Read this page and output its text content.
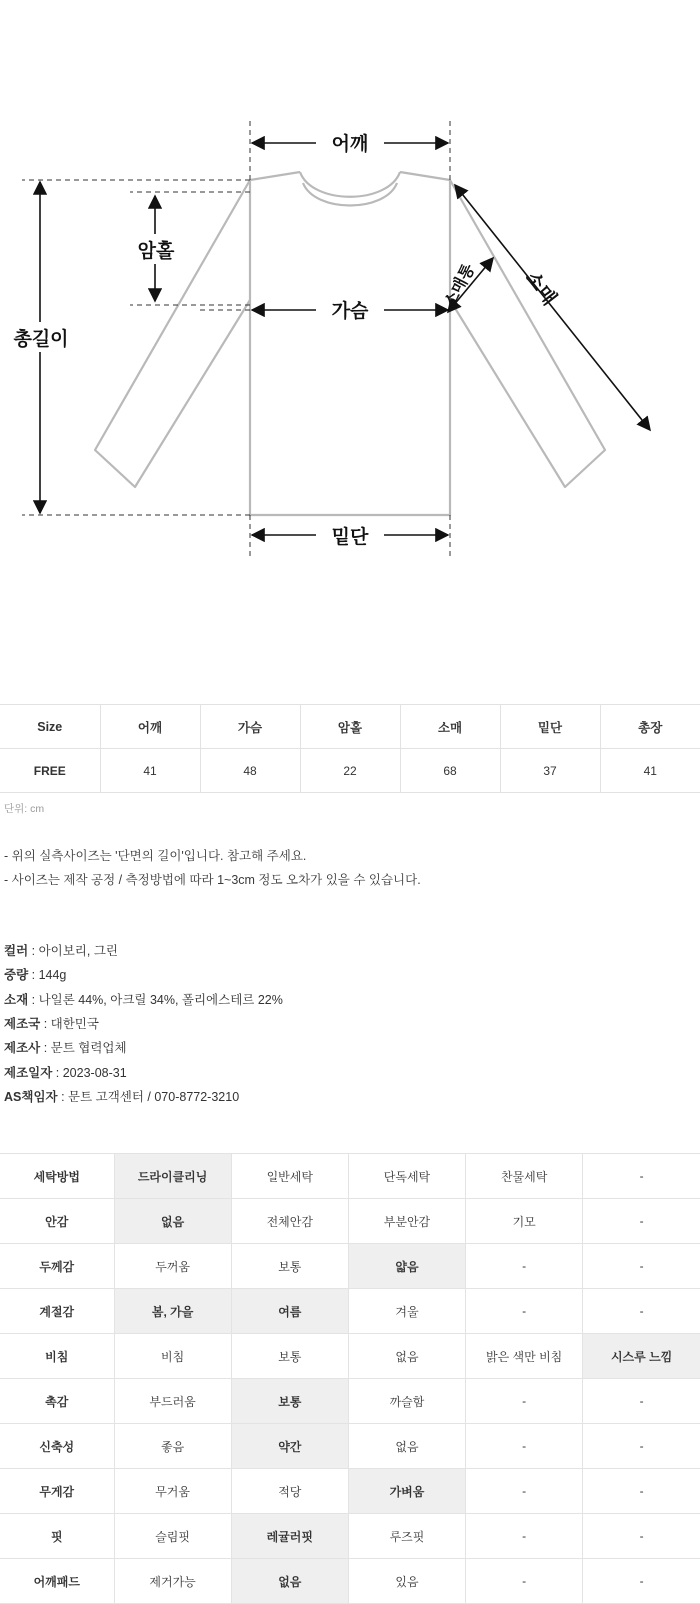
어깨
총길이
암홀
가슴
밑단
소매
소매통
Size	어깨	가슴	암홀	소매	밑단	총장
FREE	41	48	22	68	37	41
단위: cm
- 위의 실측사이즈는 '단면의 길이'입니다. 참고해 주세요.
- 사이즈는 제작 공정 / 측정방법에 따라 1~3cm 정도 오차가 있을 수 있습니다.
컬러 : 아이보리, 그린
중량 : 144g
소재 : 나일론 44%, 아크릴 34%, 폴리에스테르 22%
제조국 : 대한민국
제조사 : 문트 협력업체
제조일자 : 2023-08-31
AS책임자 : 문트 고객센터 / 070-8772-3210
세탁방법	드라이클리닝	일반세탁	단독세탁	찬물세탁	-
안감	없음	전체안감	부분안감	기모	-
두께감	두꺼움	보통	얇음	-	-
계절감	봄, 가을	여름	겨울	-	-
비침	비침	보통	없음	밝은 색만 비침	시스루 느낌
촉감	부드러움	보통	까슬함	-	-
신축성	좋음	약간	없음	-	-
무게감	무거움	적당	가벼움	-	-
핏	슬림핏	레귤러핏	루즈핏	-	-
어깨패드	제거가능	없음	있음	-	-
